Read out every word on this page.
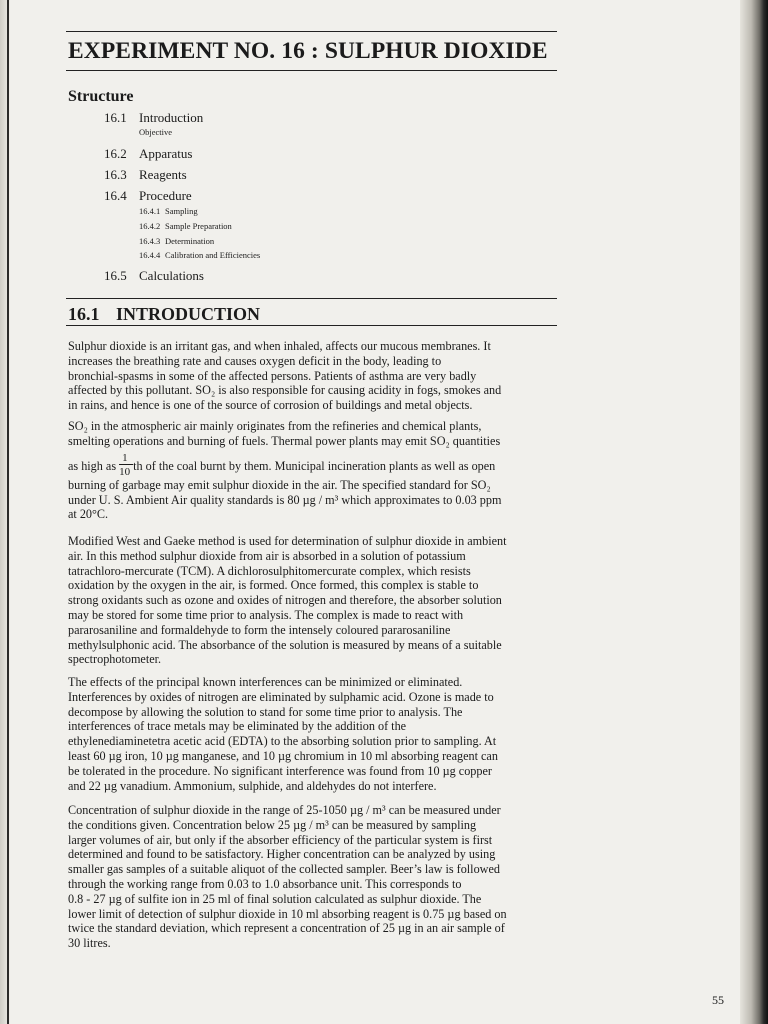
EXPERIMENT NO. 16 : SULPHUR DIOXIDE
Structure
16.1 Introduction
Objective
16.2 Apparatus
16.3 Reagents
16.4 Procedure
16.4.1 Sampling
16.4.2 Sample Preparation
16.4.3 Determination
16.4.4 Calibration and Efficiencies
16.5 Calculations
16.1 INTRODUCTION
Sulphur dioxide is an irritant gas, and when inhaled, affects our mucous membranes. It
increases the breathing rate and causes oxygen deficit in the body, leading to
bronchial-spasms in some of the affected persons. Patients of asthma are very badly
affected by this pollutant. SO₂ is also responsible for causing acidity in fogs, smokes and
in rains, and hence is one of the source of corrosion of buildings and metal objects.
SO₂ in the atmospheric air mainly originates from the refineries and chemical plants,
smelting operations and burning of fuels. Thermal power plants may emit SO₂ quantities
as high as $\frac{1}{10}$ th of the coal burnt by them. Municipal incineration plants as well as open
burning of garbage may emit sulphur dioxide in the air. The specified standard for SO₂
under U. S. Ambient Air quality standards is 80 µg / m³ which approximates to 0.03 ppm
at 20°C.
Modified West and Gaeke method is used for determination of sulphur dioxide in ambient
air. In this method sulphur dioxide from air is absorbed in a solution of potassium
tatrachloro-mercurate (TCM). A dichlorosulphitomercurate complex, which resists
oxidation by the oxygen in the air, is formed. Once formed, this complex is stable to
strong oxidants such as ozone and oxides of nitrogen and therefore, the absorber solution
may be stored for some time prior to analysis. The complex is made to react with
pararosaniline and formaldehyde to form the intensely coloured pararosaniline
methylsulphonic acid. The absorbance of the solution is measured by means of a suitable
spectrophotometer.
The effects of the principal known interferences can be minimized or eliminated.
Interferences by oxides of nitrogen are eliminated by sulphamic acid. Ozone is made to
decompose by allowing the solution to stand for some time prior to analysis. The
interferences of trace metals may be eliminated by the addition of the
ethylenediaminetetra acetic acid (EDTA) to the absorbing solution prior to sampling. At
least 60 µg iron, 10 µg manganese, and 10 µg chromium in 10 ml absorbing reagent can
be tolerated in the procedure. No significant interference was found from 10 µg copper
and 22 µg vanadium. Ammonium, sulphide, and aldehydes do not interfere.
Concentration of sulphur dioxide in the range of 25-1050 µg / m³ can be measured under
the conditions given. Concentration below 25 µg / m³ can be measured by sampling
larger volumes of air, but only if the absorber efficiency of the particular system is first
determined and found to be satisfactory. Higher concentration can be analyzed by using
smaller gas samples of a suitable aliquot of the collected sampler. Beer’s law is followed
through the working range from 0.03 to 1.0 absorbance unit. This corresponds to
0.8 - 27 µg of sulfite ion in 25 ml of final solution calculated as sulphur dioxide. The
lower limit of detection of sulphur dioxide in 10 ml absorbing reagent is 0.75 µg based on
twice the standard deviation, which represent a concentration of 25 µg in an air sample of
30 litres.
55
